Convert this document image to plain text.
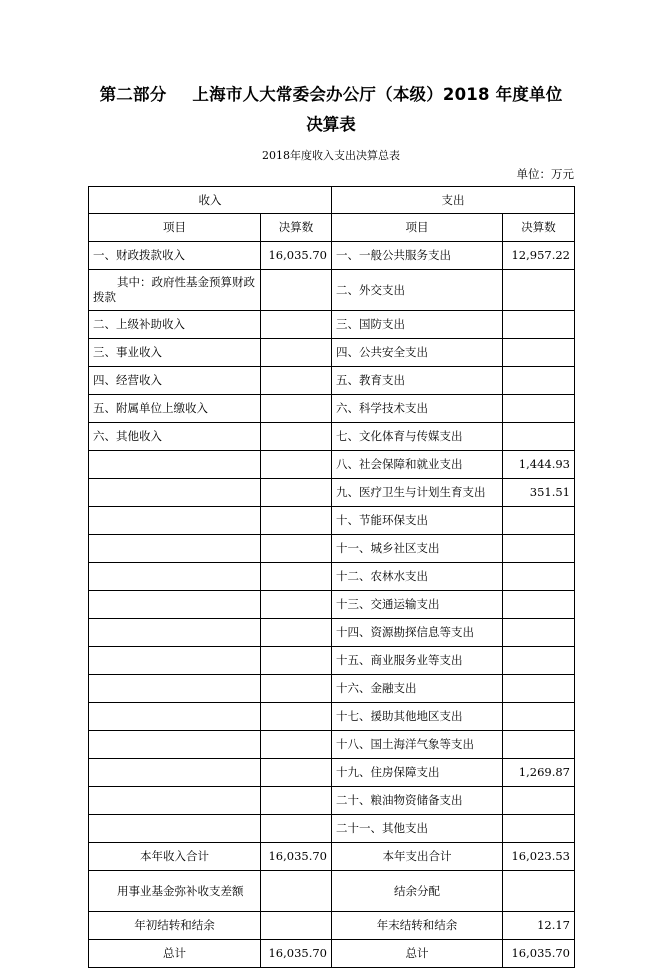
第二部分 上海市人大常委会办公厅（本级）2018 年度单位
决算表
2018年度收入支出决算总表
单位：万元
收入		支出	
项目	决算数	项目	决算数
一、财政拨款收入	16,035.70	一、一般公共服务支出	12,957.22
其中：政府性基金预算财政拨款		二、外交支出	
二、上级补助收入		三、国防支出	
三、事业收入		四、公共安全支出	
四、经营收入		五、教育支出	
五、附属单位上缴收入		六、科学技术支出	
六、其他收入		七、文化体育与传媒支出	
		八、社会保障和就业支出	1,444.93
		九、医疗卫生与计划生育支出	351.51
		十、节能环保支出	
		十一、城乡社区支出	
		十二、农林水支出	
		十三、交通运输支出	
		十四、资源勘探信息等支出	
		十五、商业服务业等支出	
		十六、金融支出	
		十七、援助其他地区支出	
		十八、国土海洋气象等支出	
		十九、住房保障支出	1,269.87
		二十、粮油物资储备支出	
		二十一、其他支出	
本年收入合计	16,035.70	本年支出合计	16,023.53
用事业基金弥补收支差额		结余分配	
年初结转和结余		年末结转和结余	12.17
总计	16,035.70	总计	16,035.70
